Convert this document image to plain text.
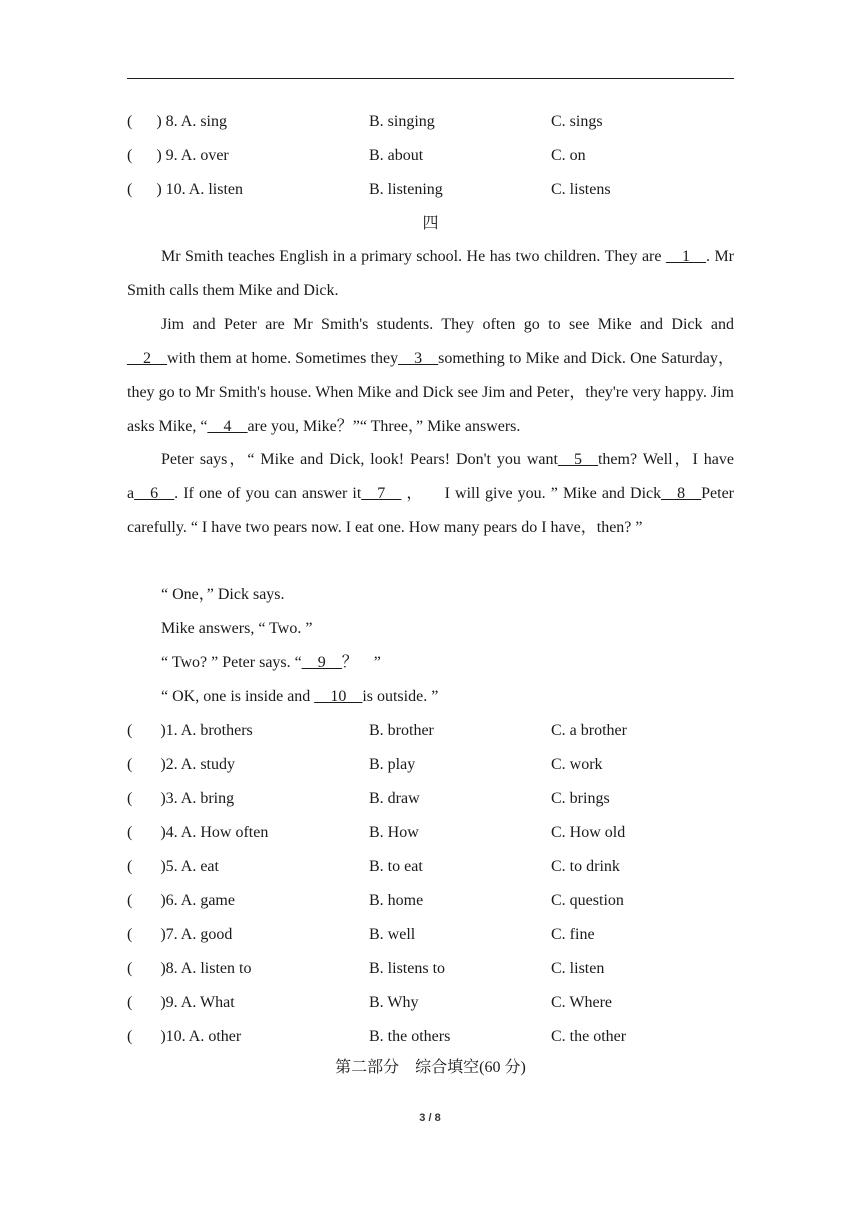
(　 ) 8. A. sing	B. singing	C. sings
(　 ) 9. A. over	B. about	C. on
(　 ) 10. A. listen	B. listening	C. listens
四
Mr Smith teaches English in a primary school. He has two children. They are __1__. Mr Smith calls them Mike and Dick.
Jim and Peter are Mr Smith's students. They often go to see Mike and Dick and __2__with them at home. Sometimes they__3__something to Mike and Dick. One Saturday，they go to Mr Smith's house. When Mike and Dick see Jim and Peter，they're very happy. Jim asks Mike, “__4__are you, Mike？”“ Three，” Mike answers.
Peter says，“ Mike and Dick, look! Pears! Don't you want__5__them? Well，I have a__6__. If one of you can answer it__7__ ，  I will give you. ” Mike and Dick__8__Peter carefully. “ I have two pears now. I eat one. How many pears do I have，then? ”
“ One，” Dick says.
Mike answers, “ Two. ”
“ Two? ” Peter says. “__9__？ ”
“ OK, one is inside and __10__is outside. ”
(　  )1. A. brothers	B. brother	C. a brother
(　  )2. A. study	B. play	C. work
(　  )3. A. bring	B. draw	C. brings
(　  )4. A. How often	B. How	C. How old
(　  )5. A. eat	B. to eat	C. to drink
(　  )6. A. game	B. home	C. question
(　  )7. A. good	B. well	C. fine
(　  )8. A. listen to	B. listens to	C. listen
(　  )9. A. What	B. Why	C. Where
(　  )10. A. other	B. the others	C. the other
第二部分　综合填空(60 分)
3 / 8
